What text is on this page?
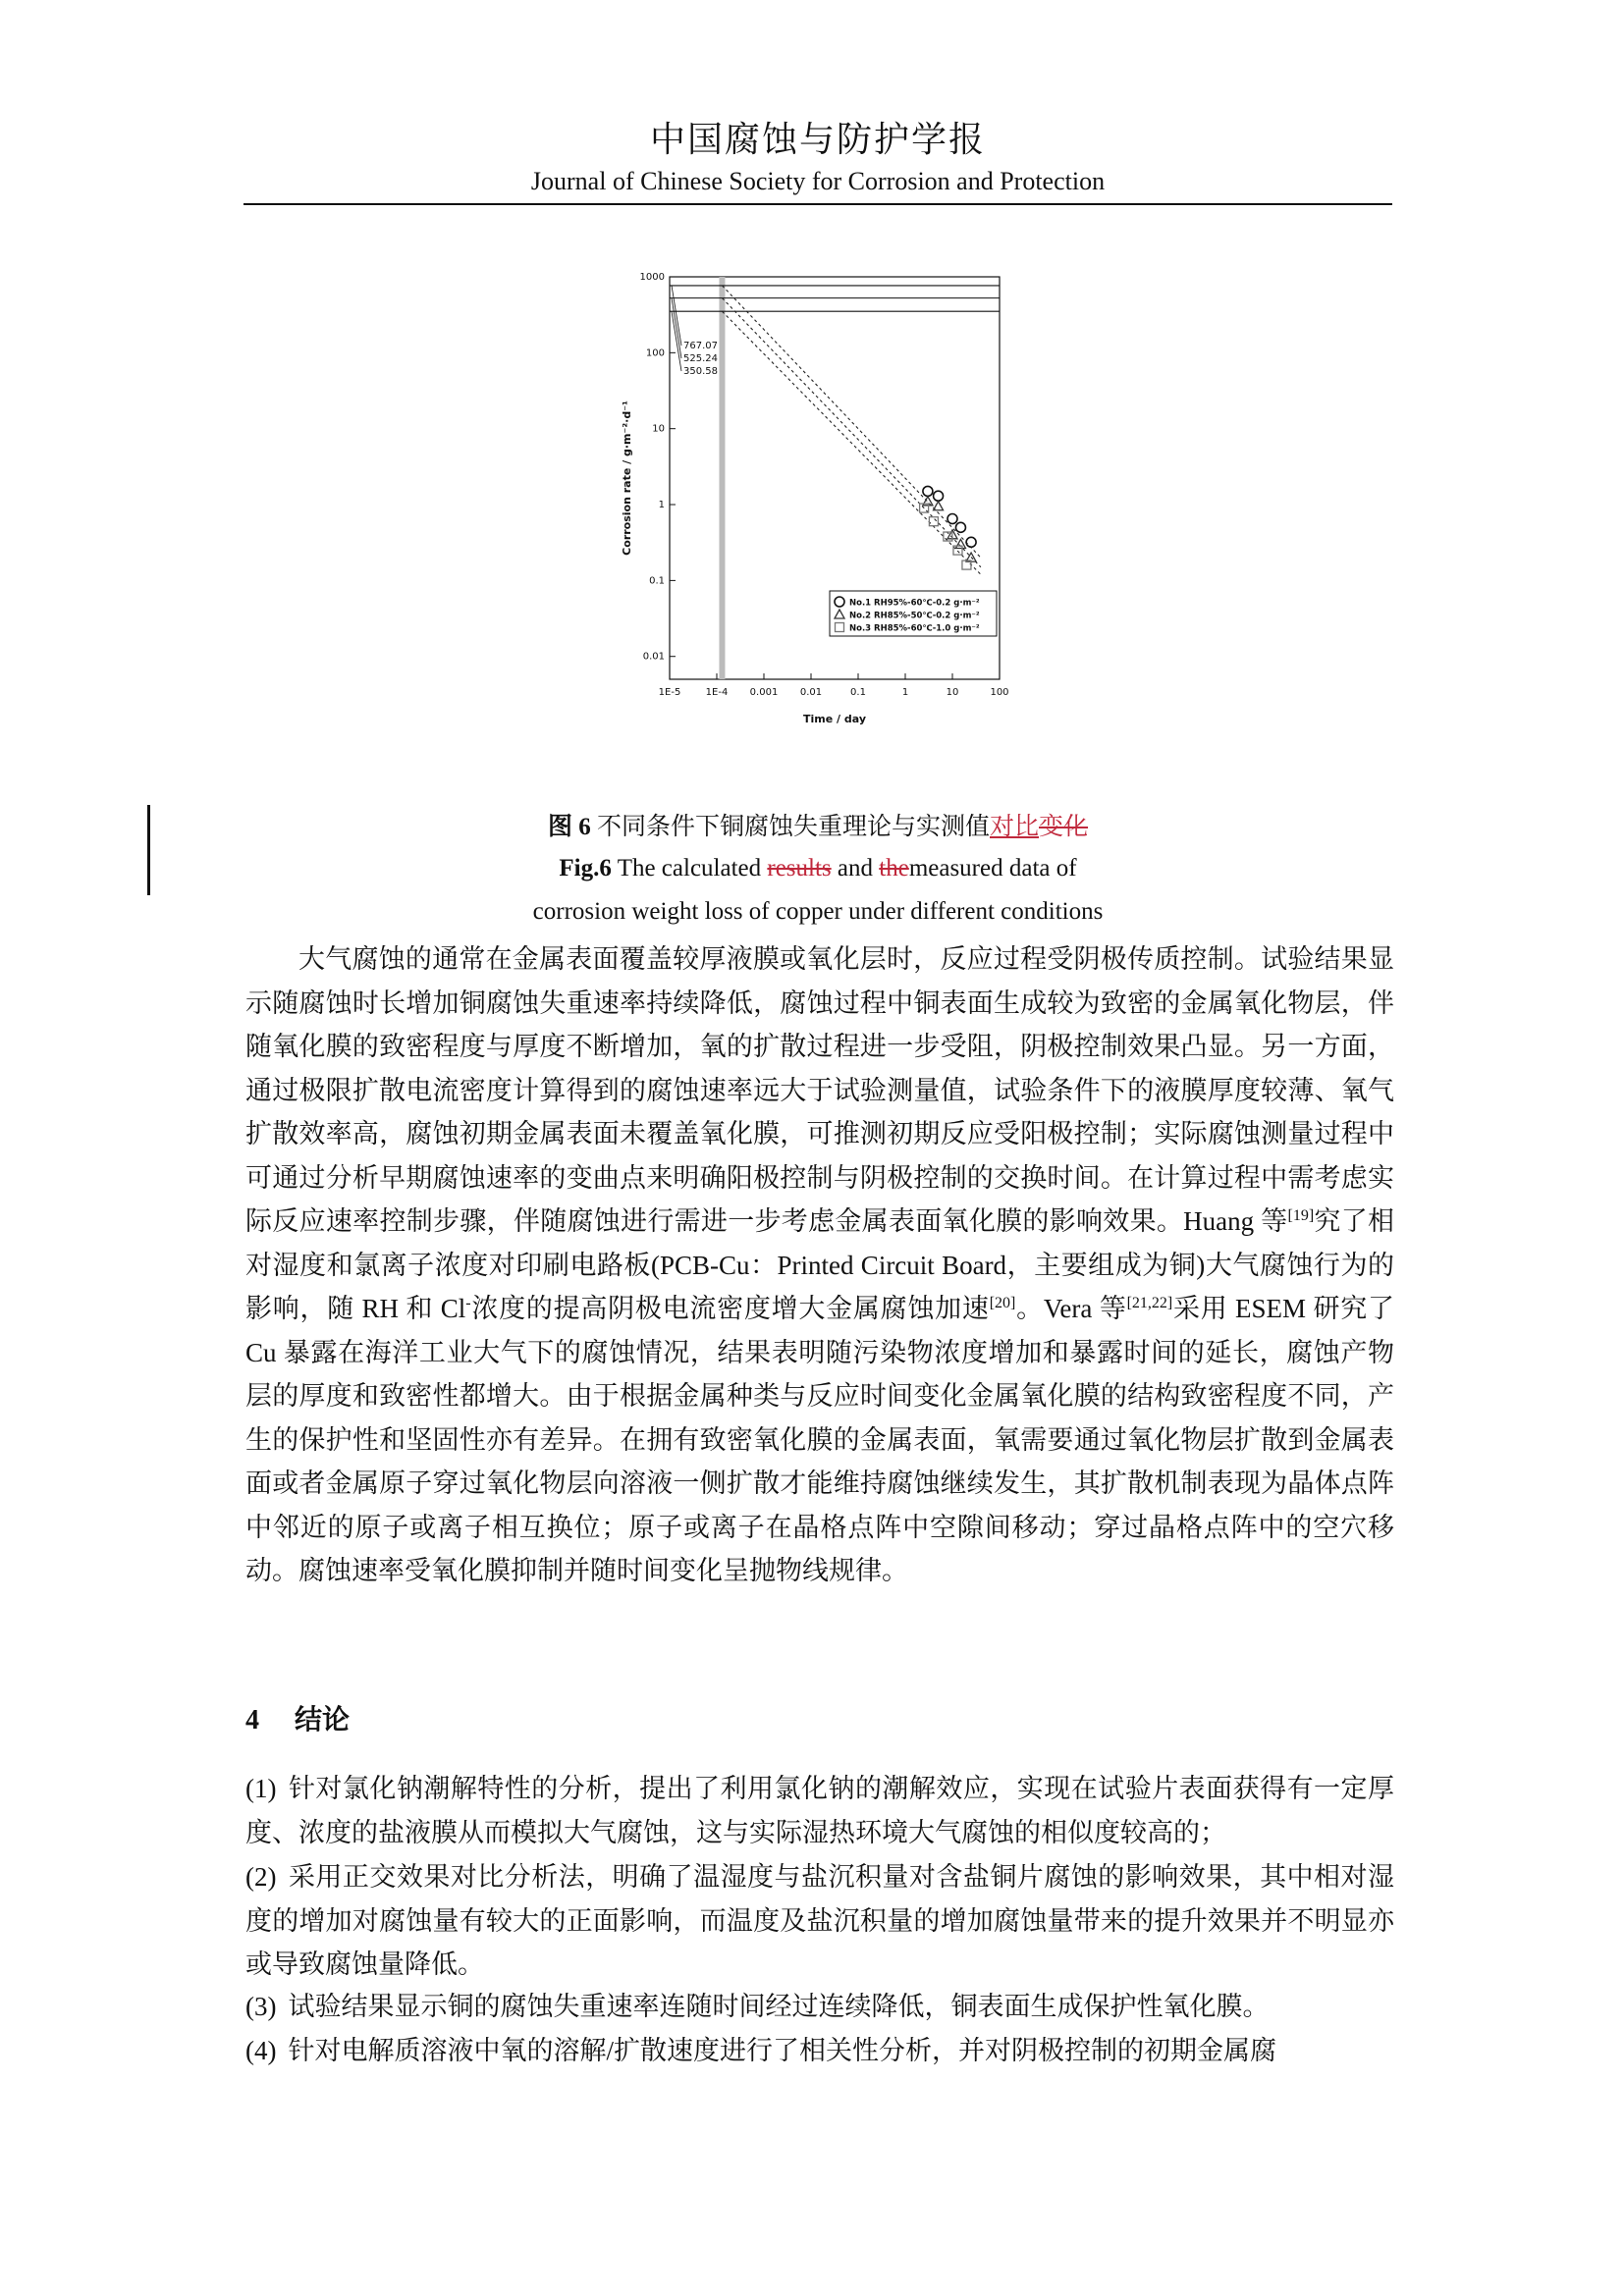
中国腐蚀与防护学报
Journal of Chinese Society for Corrosion and Protection
1E-5	1E-4 0.001 0.01	0.1	1	10	100
0.01
0.1
1
10
100
1000
Time / day
Corrosion rate / g·m⁻²·d⁻¹
767.07
525.24
350.58
No.1 RH95%-60℃-0.2 g·m⁻²
No.2 RH85%-50℃-0.2 g·m⁻²
No.3 RH85%-60℃-1.0 g·m⁻²
图 6 不同条件下铜腐蚀失重理论与实测值对比变化
Fig.6 The calculated results and themeasured data of
corrosion weight loss of copper under different conditions
大气腐蚀的通常在金属表面覆盖较厚液膜或氧化层时，反应过程受阴极传质控制。试验结果显示随腐蚀时长增加铜腐蚀失重速率持续降低，腐蚀过程中铜表面生成较为致密的金属氧化物层，伴随氧化膜的致密程度与厚度不断增加，氧的扩散过程进一步受阻，阴极控制效果凸显。另一方面，通过极限扩散电流密度计算得到的腐蚀速率远大于试验测量值，试验条件下的液膜厚度较薄、氧气扩散效率高，腐蚀初期金属表面未覆盖氧化膜，可推测初期反应受阳极控制；实际腐蚀测量过程中可通过分析早期腐蚀速率的变曲点来明确阳极控制与阴极控制的交换时间。在计算过程中需考虑实际反应速率控制步骤，伴随腐蚀进行需进一步考虑金属表面氧化膜的影响效果。Huang 等[19]究了相对湿度和氯离子浓度对印刷电路板(PCB-Cu：Printed Circuit Board，主要组成为铜)大气腐蚀行为的影响，随 RH 和 Cl-浓度的提高阴极电流密度增大金属腐蚀加速[20]。Vera 等[21,22]采用 ESEM 研究了 Cu 暴露在海洋工业大气下的腐蚀情况，结果表明随污染物浓度增加和暴露时间的延长，腐蚀产物层的厚度和致密性都增大。由于根据金属种类与反应时间变化金属氧化膜的结构致密程度不同，产生的保护性和坚固性亦有差异。在拥有致密氧化膜的金属表面，氧需要通过氧化物层扩散到金属表面或者金属原子穿过氧化物层向溶液一侧扩散才能维持腐蚀继续发生，其扩散机制表现为晶体点阵中邻近的原子或离子相互换位；原子或离子在晶格点阵中空隙间移动；穿过晶格点阵中的空穴移动。腐蚀速率受氧化膜抑制并随时间变化呈抛物线规律。
4 结论
(1) 针对氯化钠潮解特性的分析，提出了利用氯化钠的潮解效应，实现在试验片表面获得有一定厚度、浓度的盐液膜从而模拟大气腐蚀，这与实际湿热环境大气腐蚀的相似度较高的；
(2) 采用正交效果对比分析法，明确了温湿度与盐沉积量对含盐铜片腐蚀的影响效果，其中相对湿度的增加对腐蚀量有较大的正面影响，而温度及盐沉积量的增加腐蚀量带来的提升效果并不明显亦或导致腐蚀量降低。
(3) 试验结果显示铜的腐蚀失重速率连随时间经过连续降低，铜表面生成保护性氧化膜。
(4) 针对电解质溶液中氧的溶解/扩散速度进行了相关性分析，并对阴极控制的初期金属腐
